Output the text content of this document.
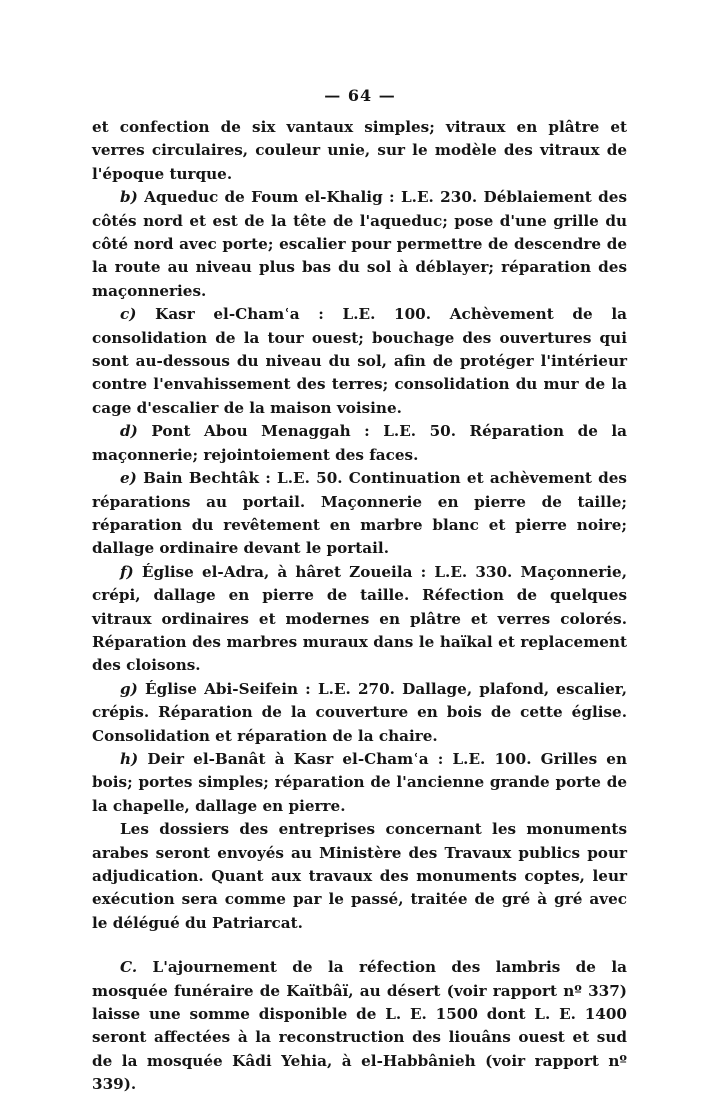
— 64 —

et confection de six vantaux simples; vitraux en plâtre et verres circulaires, couleur unie, sur le modèle des vitraux de l'époque turque.

b) Aqueduc de Foum el-Khalig : L.E. 230. Déblaiement des côtés nord et est de la tête de l'aqueduc; pose d'une grille du côté nord avec porte; escalier pour permettre de descendre de la route au niveau plus bas du sol à déblayer; réparation des maçonneries.

c) Kasr el-Chamʿa : L.E. 100. Achèvement de la consolidation de la tour ouest; bouchage des ouvertures qui sont au-dessous du niveau du sol, afin de protéger l'intérieur contre l'envahissement des terres; consolidation du mur de la cage d'escalier de la maison voisine.

d) Pont Abou Menaggah : L.E. 50. Réparation de la maçonnerie; rejointoiement des faces.

e) Bain Bechtâk : L.E. 50. Continuation et achèvement des réparations au portail. Maçonnerie en pierre de taille; réparation du revêtement en marbre blanc et pierre noire; dallage ordinaire devant le portail.

f) Église el-Adra, à hâret Zoueila : L.E. 330. Maçonnerie, crépi, dallage en pierre de taille. Réfection de quelques vitraux ordinaires et modernes en plâtre et verres colorés. Réparation des marbres muraux dans le haïkal et replacement des cloisons.

g) Église Abi-Seifein : L.E. 270. Dallage, plafond, escalier, crépis. Réparation de la couverture en bois de cette église. Consolidation et réparation de la chaire.

h) Deir el-Banât à Kasr el-Chamʿa : L.E. 100. Grilles en bois; portes simples; réparation de l'ancienne grande porte de la chapelle, dallage en pierre.

Les dossiers des entreprises concernant les monuments arabes seront envoyés au Ministère des Travaux publics pour adjudication. Quant aux travaux des monuments coptes, leur exécution sera comme par le passé, traitée de gré à gré avec le délégué du Patriarcat.

C. L'ajournement de la réfection des lambris de la mosquée funéraire de Kaïtbâï, au désert (voir rapport nº 337) laisse une somme disponible de L. E. 1500 dont L. E. 1400 seront affectées à la reconstruction des liouâns ouest et sud de la mosquée Kâdi Yehia, à el-Habbânieh (voir rapport nº 339).
